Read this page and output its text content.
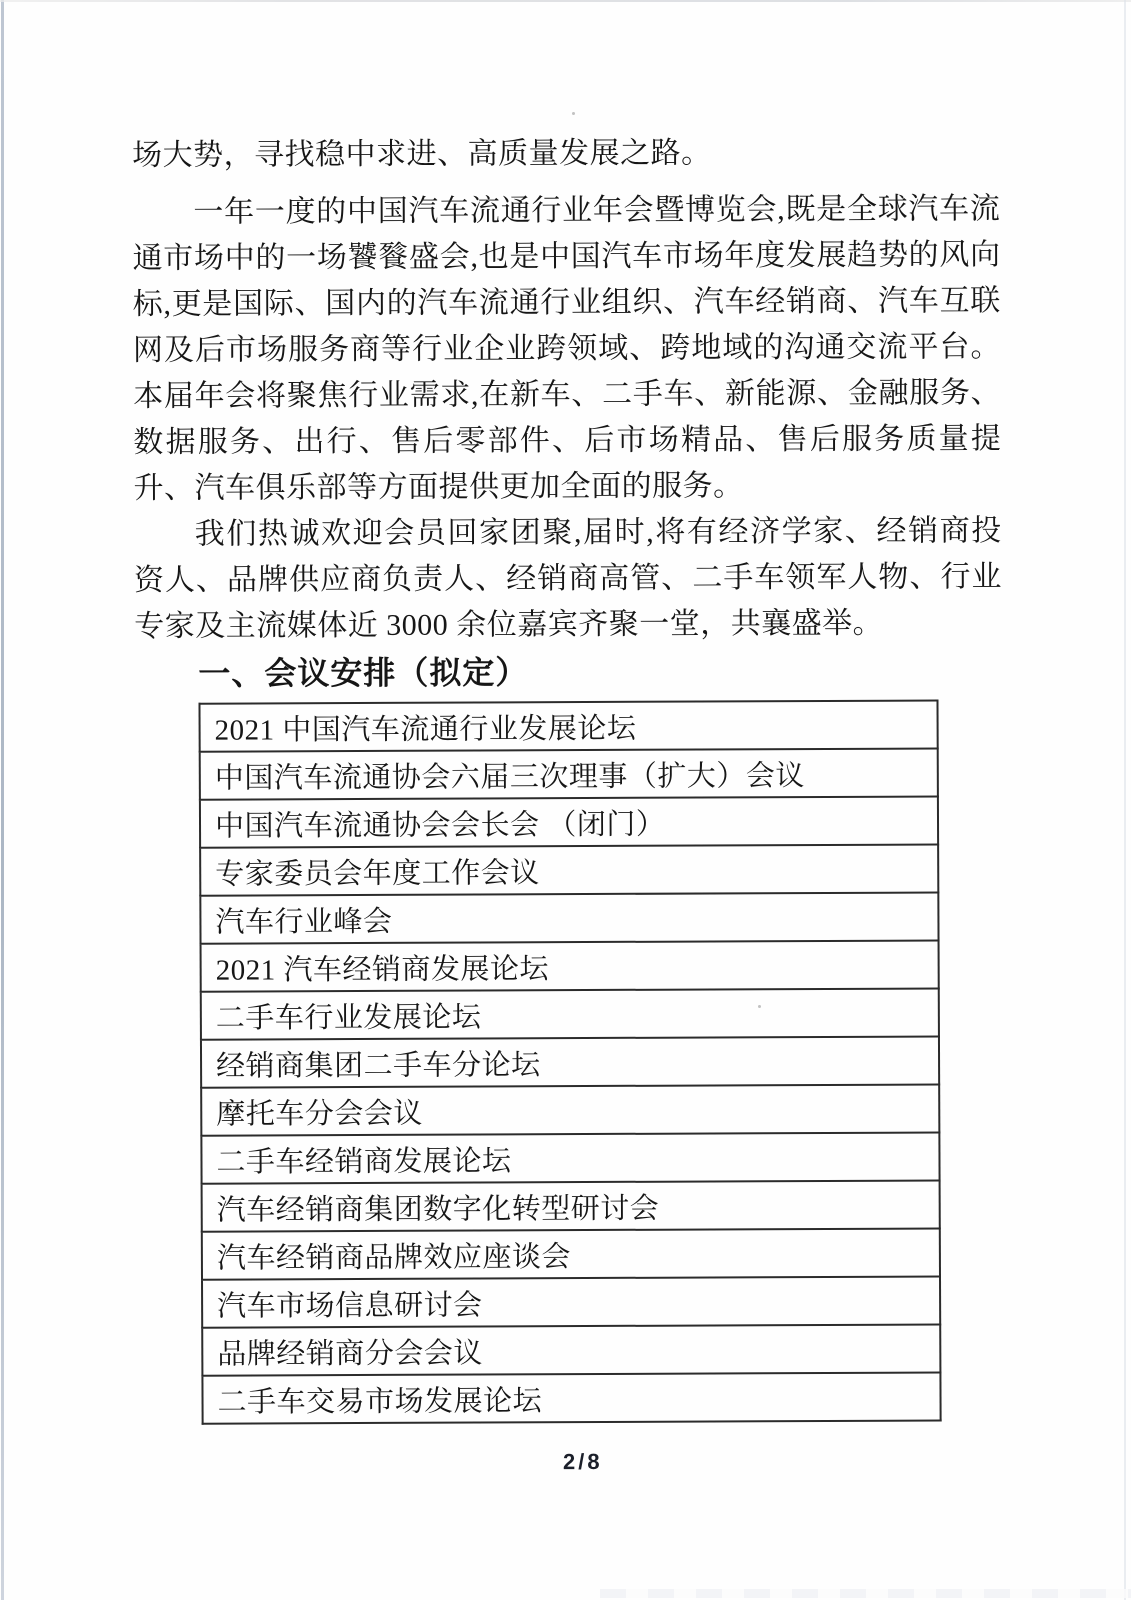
场大势，寻找稳中求进、高质量发展之路。

一年一度的中国汽车流通行业年会暨博览会,既是全球汽车流通市场中的一场饕餮盛会,也是中国汽车市场年度发展趋势的风向标,更是国际、国内的汽车流通行业组织、汽车经销商、汽车互联网及后市场服务商等行业企业跨领域、跨地域的沟通交流平台。本届年会将聚焦行业需求,在新车、二手车、新能源、金融服务、数据服务、出行、售后零部件、后市场精品、售后服务质量提升、汽车俱乐部等方面提供更加全面的服务。

我们热诚欢迎会员回家团聚,届时,将有经济学家、经销商投资人、品牌供应商负责人、经销商高管、二手车领军人物、行业专家及主流媒体近 3000 余位嘉宾齐聚一堂，共襄盛举。

一、会议安排（拟定）
2021 中国汽车流通行业发展论坛
中国汽车流通协会六届三次理事（扩大）会议
中国汽车流通协会会长会 （闭门）
专家委员会年度工作会议
汽车行业峰会
2021 汽车经销商发展论坛
二手车行业发展论坛
经销商集团二手车分论坛
摩托车分会会议
二手车经销商发展论坛
汽车经销商集团数字化转型研讨会
汽车经销商品牌效应座谈会
汽车市场信息研讨会
品牌经销商分会会议
二手车交易市场发展论坛
2/8
